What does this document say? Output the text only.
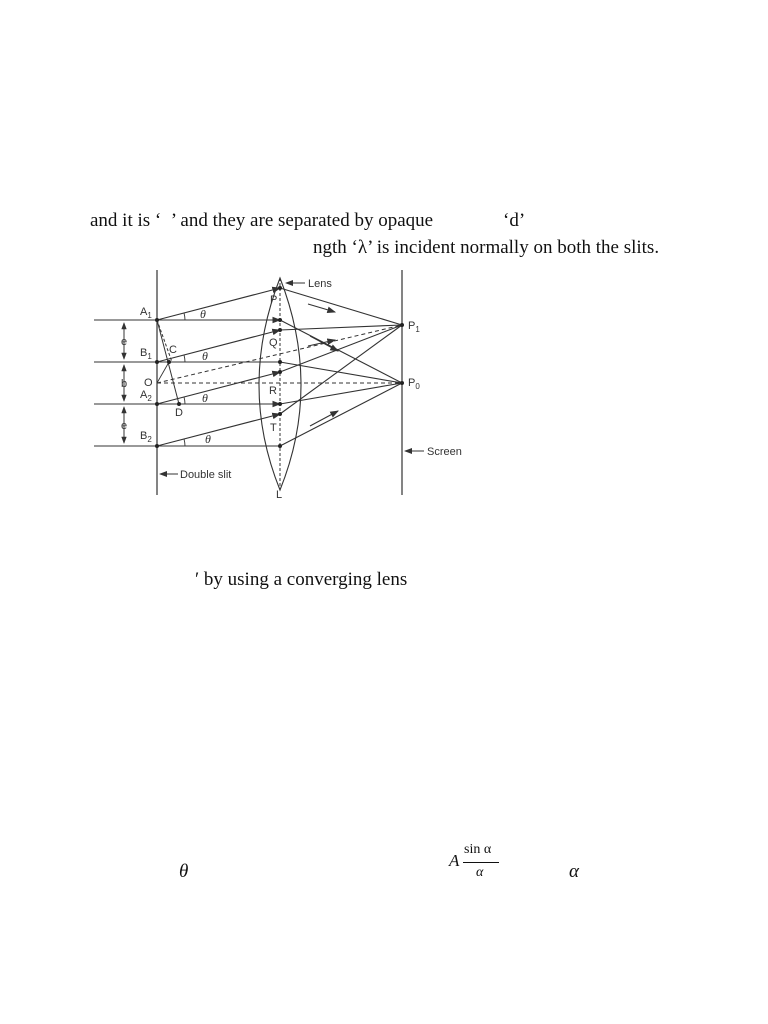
and it is ‘  ’ and they are separated by opaque	‘d’
ngth ‘λ’ is incident normally on both the slits.
e
b
e
θ
θ
θ
θ
$A_1$
$B_1$
O
$A_2$
$B_2$
C
D
P
Q
R
T
L
$P_1$
$P_0$
Lens
Screen
Double slit
′ by using a converging lens
θ
A
sin α
α	α
